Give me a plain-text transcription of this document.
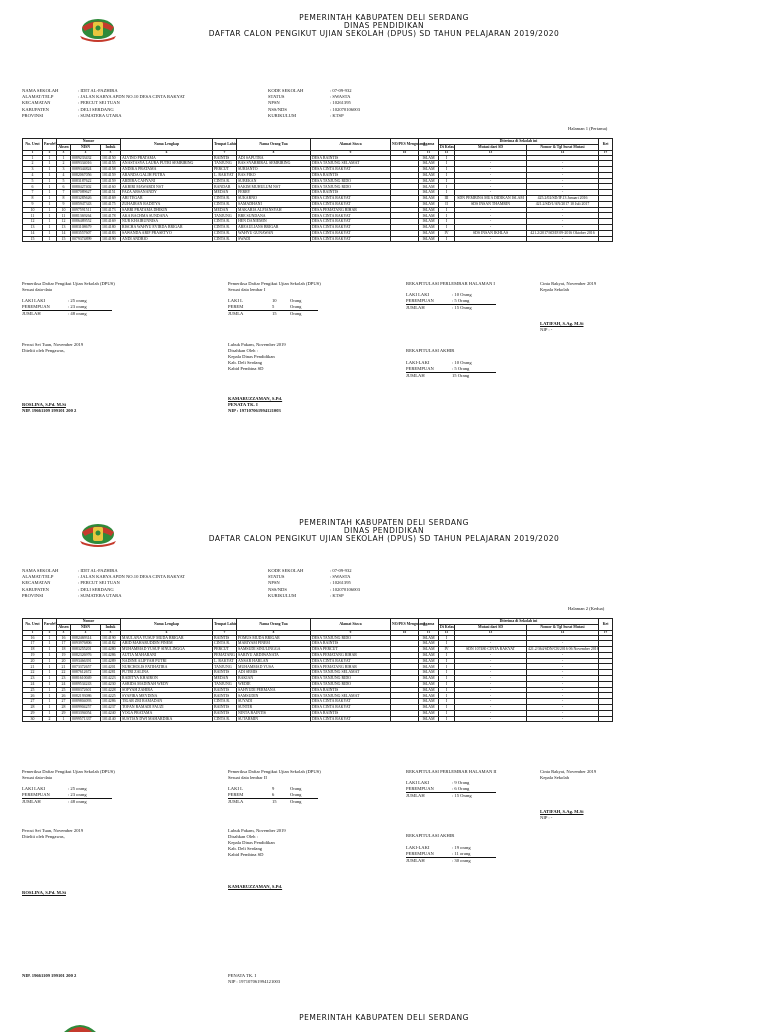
PEMERINTAH KABUPATEN DELI SERDANG
DINAS PENDIDIKAN
DAFTAR CALON PENGIKUT UJIAN SEKOLAH (DPUS) SD TAHUN PELAJARAN 2019/2020
NAMA SEKOLAH	: IDIT AL-FAZHIRA
ALAMAT/TELP	: JALAN KARYA APDN NO.10 DESA CINTA RAKYAT
KECAMATAN	: PERCUT SEI TUAN
KABUPATEN	: DELI SERDANG
PROVINSI	: SUMATERA UTARA
KODE SEKOLAH	: 07-09-932
STATUS	: SWASTA
NPSN	: 10261395
NSS/NDS	: 102070106003
KURIKULUM	: KTSP
Halaman 1 (Pertama)
No. Urut	Paralel	Nomor			Nama Lengkap	Tempat Lahir	Nama Orang Tua	Alamat Siswa	NO/PES Mengulang	Agama	Diterima di Sekolah ini			Ket
		Absen	NISN	Induk							Di Kelas	Mutasi dari SD	Nomor & Tgl Surat Mutasi	
1	2	3	4	5	6	7	8	9	10	11	12	13	14	17
1	1	1	0089233432	1014150	ALVINO PRATAMA	BAINTIS	ADI SAPUTRA	DESA BAINTIS		ISLAM	I			
2	1	2	0089334016	1014155	ANASTASYA LAURA PUTRI SEMBIRING	TANJUNG	BAS SYARBIRAL SEMBIRING	DESA TANJUNG SELAMAT		ISLAM	I	-	-	
3	1	3	0089344824	1014158	ANDIKA PRATAMA	PERCUT	SURIANTO	DESA CINTA RAKYAT		ISLAM	I	-	-	
4	1	4	0082067056	1014159	ARANDA GALIH PUTRA	L. RAKYAT	BAS FIKO	DESA BAINTIS		ISLAM	I	-	-	
5	1	5	0083187622	1014159	ARDIBA CAHYANI	CINTA R.	SUBEKAN	DESA TANJUNG RIDO		ISLAM	I	-	-	
6	1	6	0080427402	1014160	AKBIRI MAWARDI NST	BANDAR	SAKIM MUHULUM NST	DESA TANJUNG RIDO		ISLAM	I	-	-	
7	1	7	0087089627	1014151	FAZA ABSANANDY	MEDAN	FERRY	DESA BAINTIS		ISLAM	I	-	-	
8	1	8	0083285626	1014169	ABI TEGAR	CINTA R.	SUKARNO	DESA CINTA RAKYAT		ISLAM	III	SDN PEMBINA MUA DIDIKAN ISLAM	425.2/02/SD/IF.13 Januari 2016	
9	1	9	0085947343	1014175	ZUHAIRAN RADITYA	CINTA R.	SAMADHANI	DESA CINTA RAKYAT		ISLAM	II	SDS INSAN THAMRIN	421.2/SD/1/AN/2017 10 Juli 2017	
10	1	10	0097591511	1014173	SABRI PRATAMA DHIKIN	MEDAN	MAKARIA ALFIANSYAH	DESA PEMATANG BIHAR		ISLAM	I	-	-	
11	1	11	0081369264	1014178	AKA BACHMA SUNDANA	TANJUNG	BBE SUNDANA	DESA CINTA RAKYAT		ISLAM	I	-	-	
12	1	12	0086489552	1014169	NUR KHAIRUNNISA	CINTA R.	HEN DANIEMIN	DESA CINTA RAKYAT		ISLAM	I	-	-	
13	1	13	0083108679	1014180	RISCHA WAHYU EVIRDA BRIGAR	CINTA R.	AREAULIANS BRIGAR	DESA CINTA RAKYAT		ISLAM	I	-	-	
14	1	14	0083557607	1014183	SAWANDA ARIF PRASETYO	CINTA R.	WAHYU GUNAWAN	DESA CINTA RAKYAT		ISLAM	IV	SDS INSAN IKHLAS	421.2/2017/SD/IF.09-2016 Oktober 2016	
15	1	15	0079374899	1014190	ANDI ANDRIO	CINTA R.	SWADI	DESA CINTA RAKYAT		ISLAM	I	-	-	
Pemeriksa Daftar Pengikut Ujian Sekolah (DPUS)
Sesuai data-data
LAKI LAKI	: 25 orang
PEREMPUAN	: 23 orang
JUMLAH	: 48 orang
Pemeriksa Daftar Pengikut Ujian Sekolah (DPUS)
Sesuai data lembar I
LAKI L	10	Orang
PEREM	5	Orang
JUMLA	15	Orang
REKAPITULASI PERLEMBAR HALAMAN I
LAKI LAKI	: 10 Orang
PEREMPUAN	: 5 Orang
JUMLAH	: 15 Orang
Cinta Rakyat, November 2019
Kepala Sekolah
LATIFAH, S.Ag. M.Si
NIP : -
Percut Sei Tuan, November 2019
Diteliti oleh Pengawas,
ROSLINA, S.Pd. M.Si
NIP. 19661109 199101 200 2
Lubuk Pakam, November 2019
Disahkan Oleh :
Kepala Dinas Pendidikan
Kab. Deli Serdang
Kabid Pembina SD
KAMARUZZAMAN, S.Pd.
PENATA TK. I
NIP : 197107061994121003
REKAPITULASI AKHIR
LAKI-LAKI	: 10 Orang
PEREMPUAN	: 5 Orang
JUMLAH	15 Orang
PEMERINTAH KABUPATEN DELI SERDANG
DINAS PENDIDIKAN
DAFTAR CALON PENGIKUT UJIAN SEKOLAH (DPUS) SD TAHUN PELAJARAN 2019/2020
NAMA SEKOLAH	: IDIT AL-FAZHIRA
ALAMAT/TELP	: JALAN KARYA APDN NO.10 DESA CINTA RAKYAT
KECAMATAN	: PERCUT SEI TUAN
KABUPATEN	: DELI SERDANG
PROVINSI	: SUMATERA UTARA
KODE SEKOLAH	: 07-09-932
STATUS	: SWASTA
NPSN	: 10261395
NSS/NDS	: 102070106003
KURIKULUM	: KTSP
Halaman 2 (Kedua)
No. Urut	Paralel	Nomor			Nama Lengkap	Tempat Lahir	Nama Orang Tua	Alamat Siswa	NO/PES Mengulang	Agama	Diterima di Sekolah ini			Ket
		Absen	NISN	Induk							Di Kelas	Mutasi dari SD	Nomor & Tgl Surat Mutasi	
1	2	3	4	5	6	7	8	9	10	11	12	13	14	17
16	1	16	0082469314	1014190	MAULANA YUSUF MUDA BRIGAR	BAINTIS	FOMUS MUDA BRIGAR	DESA TANJUNG RIDO		ISLAM	I			
17	1	17	0093976806	1014182	ABID MAHARUDDIN PINEM	CINTA R.	MARIYAM PINEM	DESA BAINTIS		ISLAM	I	-	-	
18	1	18	0083255201	1014280	MUHAMMAD YUSUF SINULINGGA	PERCUT	SAMSUDI SINULINGGA	DESA PERCUT		ISLAM	IV	SDN 107480 CINTA RAKYAT	421.2/364/SDN/CR/2016 06 November 2016	
19	1	19	0082326976	1014286	AUTIA MAHARANI	PEMATANG	SARIYU ARDIWANATA	DESA PEMATANG BIHAR		ISLAM	I	-	-	
20	1	20	0093466391	1014289	NADINE ALIFYAH PUTRI	L. RAKYAT	ANSAR HARLAN	DESA CINTA RAKYAT		ISLAM	I	-	-	
21	1	21	0073372657	1014201	NURCHOLIS FATIHATIRA	TANJUNG	MUHAMMAD YUSA	DESA PEMATANG BIHAR		ISLAM	I	-	-	
22	1	22	0087612672	1014281	PUTRI ZALINA	BAINTIS	ADI SEMIS	DESA TANJUNG SELAMAT		ISLAM	I	-	-	
23	1	23	0081610049	1014223	RADITYA KHAIRON	MEDAN	BAKIAN	DESA TANJUNG RIDO		ISLAM	I	-	-	
24	1	24	0089534243	1014230	ASRIDA MADINAH WEDY	TANJUNG	WEDIE	DESA TANJUNG RIDO		ISLAM	I	-	-	
25	1	25	0080372601	1014228	SOFYAH ZAHIRA	BAINTIS	SAHYUDI PERMANA	DESA BAINTIS		ISLAM	I	-	-	
26	1	26	0082193086	1014225	SYAFIRA MEYDINA	BAINTIS	SAMSUDIN	DESA TANJUNG SELAMAT		ISLAM	I	-	-	
27	1	27	0089804093	1014286	TIGAR ZRI RAMADAN	CINTA R.	SUYADI	DESA CINTA RAKYAT		ISLAM	I	-	-	
28	1	28	0089904257	1014237	TOFAN RAMADI FAUZI	BAINTIS	SUNTIR	DESA CINTA RAKYAT		ISLAM	I	-	-	
29	1	29	0083394054	1014240	YOGA PRATAMA	BAINTIS	NINTA BAINTIS	DESA BAINTIS		ISLAM	I	-	-	
30	2	1	0099571337	1014140	SUSTIAN DWI MAHARDIKA	CINTA R.	SUTARMIN	DESA CINTA RAKYAT		ISLAM	I	-	-	
Pemeriksa Daftar Pengikut Ujian Sekolah (DPUS)
Sesuai data-data
LAKI LAKI	: 25 orang
PEREMPUAN	: 23 orang
JUMLAH	: 48 orang
Pemeriksa Daftar Pengikut Ujian Sekolah (DPUS)
Sesuai data lembar II
LAKI L	9	Orang
PEREM	6	Orang
JUMLA	15	Orang
REKAPITULASI PERLEMBAR HALAMAN II
LAKI LAKI	: 9 Orang
PEREMPUAN	: 6 Orang
JUMLAH	: 15 Orang
Cinta Rakyat, November 2019
Kepala Sekolah
LATIFAH, S.Ag. M.Si
NIP : -
Percut Sei Tuan, November 2019
Diteliti oleh Pengawas,
ROSLINA, S.Pd. M.Si
Lubuk Pakam, November 2019
Disahkan Oleh :
Kepala Dinas Pendidikan
Kab. Deli Serdang
Kabid Pembina SD
KAMARUZZAMAN, S.Pd.
REKAPITULASI AKHIR
LAKI-LAKI	: 19 orang
PEREMPUAN	: 11 orang
JUMLAH	: 30 orang
NIP. 19661109 199101 200 2	PENATA TK. I
NIP : 197107061994121003
PEMERINTAH KABUPATEN DELI SERDANG
